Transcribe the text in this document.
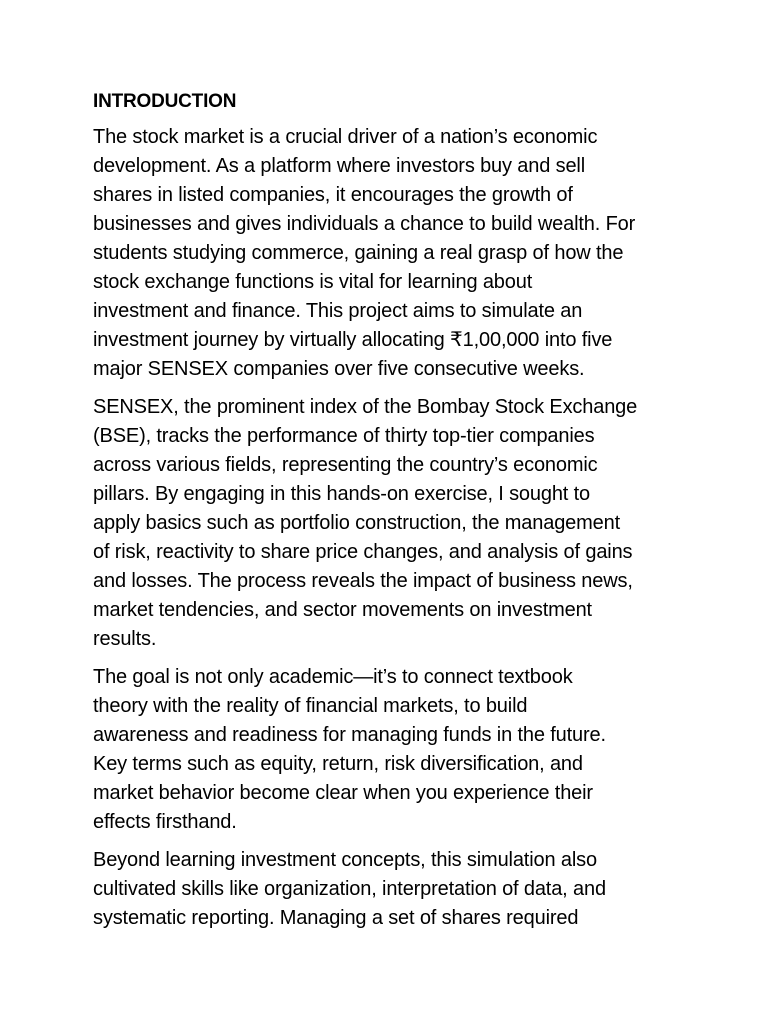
INTRODUCTION
The stock market is a crucial driver of a nation’s economic
development. As a platform where investors buy and sell
shares in listed companies, it encourages the growth of
businesses and gives individuals a chance to build wealth. For
students studying commerce, gaining a real grasp of how the
stock exchange functions is vital for learning about
investment and finance. This project aims to simulate an
investment journey by virtually allocating ₹1,00,000 into five
major SENSEX companies over five consecutive weeks.
SENSEX, the prominent index of the Bombay Stock Exchange
(BSE), tracks the performance of thirty top-tier companies
across various fields, representing the country’s economic
pillars. By engaging in this hands-on exercise, I sought to
apply basics such as portfolio construction, the management
of risk, reactivity to share price changes, and analysis of gains
and losses. The process reveals the impact of business news,
market tendencies, and sector movements on investment
results.
The goal is not only academic—it’s to connect textbook
theory with the reality of financial markets, to build
awareness and readiness for managing funds in the future.
Key terms such as equity, return, risk diversification, and
market behavior become clear when you experience their
effects firsthand.
Beyond learning investment concepts, this simulation also
cultivated skills like organization, interpretation of data, and
systematic reporting. Managing a set of shares required
